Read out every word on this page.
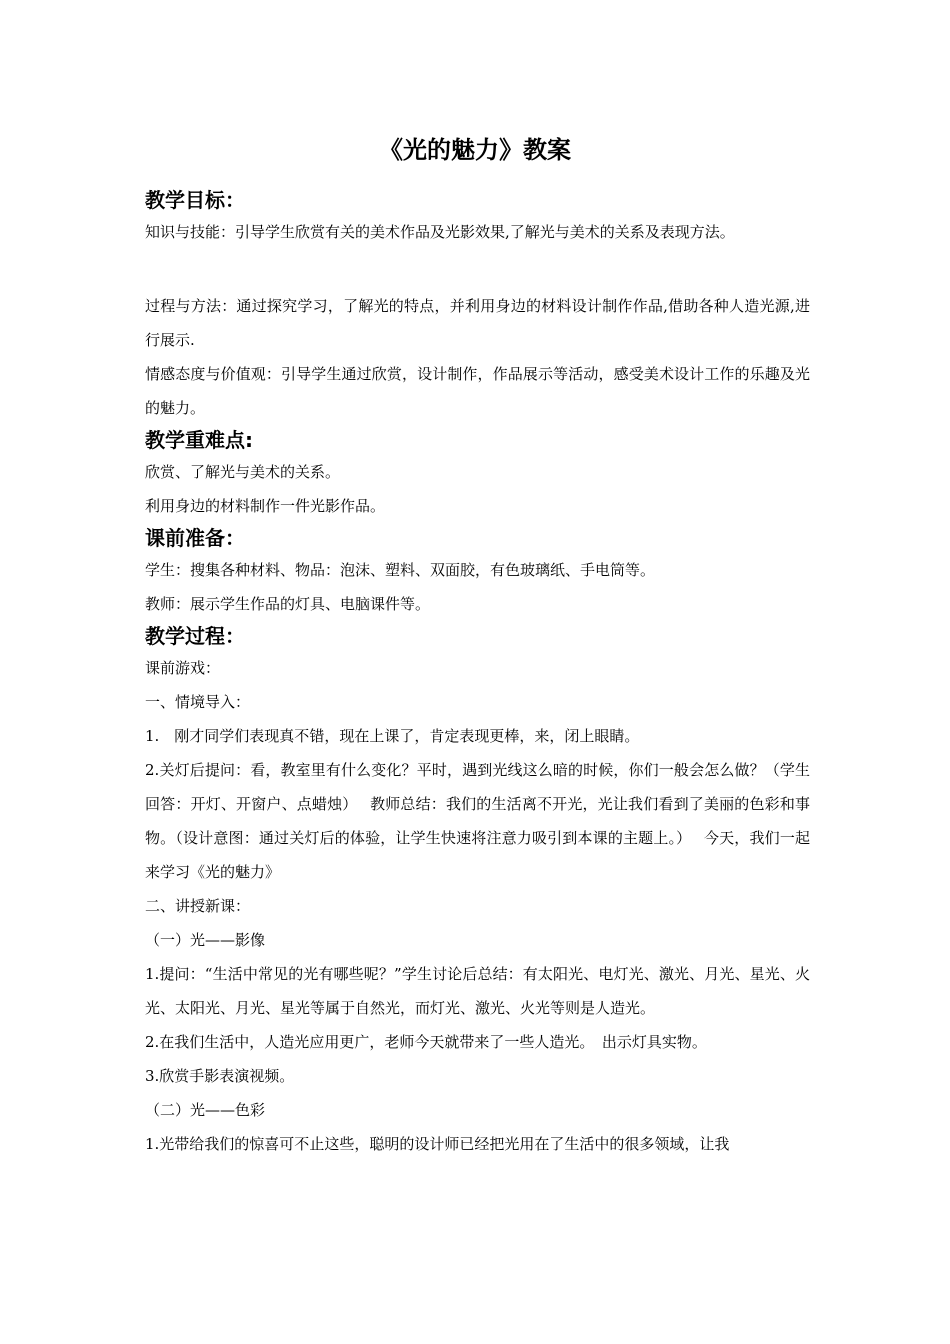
《光的魅力》教案
教学目标：

知识与技能：引导学生欣赏有关的美术作品及光影效果,了解光与美术的关系及表现方法。

过程与方法：通过探究学习，了解光的特点，并利用身边的材料设计制作作品,借助各种人造光源,进行展示.

情感态度与价值观：引导学生通过欣赏，设计制作，作品展示等活动，感受美术设计工作的乐趣及光的魅力。

教学重难点:

欣赏、了解光与美术的关系。

利用身边的材料制作一件光影作品。

课前准备：

学生：搜集各种材料、物品：泡沫、塑料、双面胶，有色玻璃纸、手电筒等。

教师：展示学生作品的灯具、电脑课件等。

教学过程：

课前游戏：

一、情境导入：

1.　刚才同学们表现真不错，现在上课了，肯定表现更棒，来，闭上眼睛。

2.关灯后提问：看，教室里有什么变化？平时，遇到光线这么暗的时候，你们一般会怎么做？（学生回答：开灯、开窗户、点蜡烛）　 教师总结：我们的生活离不开光，光让我们看到了美丽的色彩和事物。（设计意图：通过关灯后的体验，让学生快速将注意力吸引到本课的主题上。）　 今天，我们一起来学习《光的魅力》

二、讲授新课：

（一）光——影像

1.提问：“生活中常见的光有哪些呢？”学生讨论后总结：有太阳光、电灯光、激光、月光、星光、火光、太阳光、月光、星光等属于自然光，而灯光、激光、火光等则是人造光。

2.在我们生活中，人造光应用更广，老师今天就带来了一些人造光。　出示灯具实物。

3.欣赏手影表演视频。

（二）光——色彩

1.光带给我们的惊喜可不止这些，聪明的设计师已经把光用在了生活中的很多领域，让我
